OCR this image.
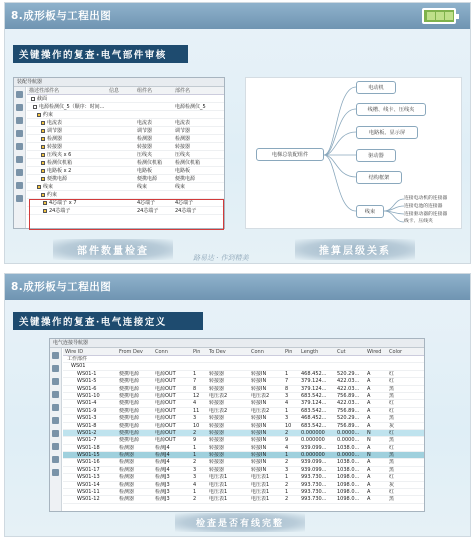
8.成形板与工程出图
关键操作的复查·电气部件审核
装配导航器
描述性部件名	信息	组件名	部件名
截面
电源检测仪_5（顺序：时间...	电源检测仪_5
约束
电流表	电流表	电流表
调节器	调节器	调节器
检测器	检测器	检测器
转接器	转接器	转接器
压线夹 x 6	压线夹	压线夹
检测仪机箱	检测仪机箱	检测仪机箱
电路板 x 2	电路板	电路板
便携电源	便携电源	便携电源
线束	线束	线束
约束
4芯端子 x 7	4芯端子	4芯端子
24芯端子	24芯端子	24芯端子
电梯总装配组件
电动机
线槽、线卡、压线夹
电路板、显示屏
驱动器
结构框架
线束
连接电动机的连接器
连接电池的连接器
连接驱动器的连接器
线卡、压线夹
部件数量检查	推算层级关系
路易达 · 作到精美
8.成形板与工程出图
关键操作的复查·电气连接定义
电气连接导航器
Wire ID	From Dev	Conn	Pin	To Dev	Conn	Pin	Length	Cut	Wired	Color
工作部件
WS01
WS01-1	便携电源	电源OUT	1	转接器	转接IN	1	468.452...	520.29...	A	红
WS01-5	便携电源	电源OUT	7	转接器	转接IN	7	379.124...	422.03...	A	红
WS01-6	便携电源	电源OUT	8	转接器	转接IN	8	379.124...	422.03...	A	黑
WS01-10	便携电源	电源OUT	12	电压表2	电压表2	3	683.542...	756.89...	A	黑
WS01-4	便携电源	电源OUT	4	转接器	转接IN	4	379.124...	422.03...	A	红
WS01-9	便携电源	电源OUT	11	电压表2	电压表2	1	683.542...	756.89...	A	红
WS01-3	便携电源	电源OUT	3	转接器	转接IN	3	468.452...	520.29...	A	黑
WS01-8	便携电源	电源OUT	10	转接器	转接IN	10	683.542...	756.89...	A	灰
WS01-2	便携电源	电源OUT	2	转接器	转接IN	2	0.000000	0.0000...	N	红
WS01-7	便携电源	电源OUT	9	转接器	转接IN	9	0.000000	0.0000...	N	黑
WS01-18	检测器	检测J4	1	转接器	转接IN	4	939.099...	1038.0...	A	红
WS01-15	检测器	检测J4	1	转接器	转接IN	1	0.000000	0.0000...	N	黑
WS01-16	检测器	检测J4	2	转接器	转接IN	2	939.099...	1038.0...	A	黑
WS01-17	检测器	检测J4	3	转接器	转接IN	3	939.099...	1038.0...	A	黑
WS01-13	检测器	检测J3	3	电压表1	电压表1	1	993.730...	1098.0...	A	红
WS01-14	检测器	检测J3	4	电压表1	电压表1	2	993.730...	1098.0...	A	灰
WS01-11	检测器	检测J3	1	电压表1	电压表1	1	993.730...	1098.0...	A	红
WS01-12	检测器	检测J3	2	电压表1	电压表1	2	993.730...	1098.0...	A	黑
检查是否有线完整
